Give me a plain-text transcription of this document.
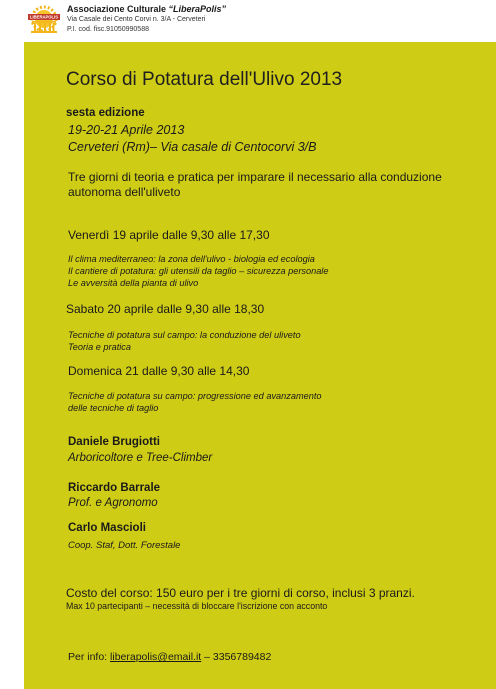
LIBERAPOLIS
Associazione Culturale “LiberaPolis”
Via Casale dei Cento Corvi n. 3/A - Cerveteri
P.I. cod. fisc.91050990588
Corso di Potatura dell'Ulivo 2013
sesta edizione
19-20-21 Aprile 2013
Cerveteri (Rm)– Via casale di Centocorvi 3/B
Tre giorni di teoria e pratica per imparare il necessario alla conduzione
autonoma dell'uliveto
Venerdì 19 aprile dalle 9,30 alle 17,30
Il clima mediterraneo: la zona dell'ulivo - biologia ed ecologia
Il cantiere di potatura: gli utensili da taglio – sicurezza personale
Le avversità della pianta di ulivo
Sabato 20 aprile dalle 9,30 alle 18,30
Tecniche di potatura sul campo: la conduzione del uliveto
Teoria e pratica
Domenica 21 dalle 9,30 alle 14,30
Tecniche di potatura su campo: progressione ed avanzamento
delle tecniche di taglio
Daniele Brugiotti
Arboricoltore e Tree-Climber
Riccardo Barrale
Prof. e Agronomo
Carlo Mascioli
Coop. Staf, Dott. Forestale
Costo del corso: 150 euro per i tre giorni di corso, inclusi 3 pranzi.
Max 10 partecipanti – necessità di bloccare l'iscrizione con acconto
Per info: liberapolis@email.it – 3356789482
